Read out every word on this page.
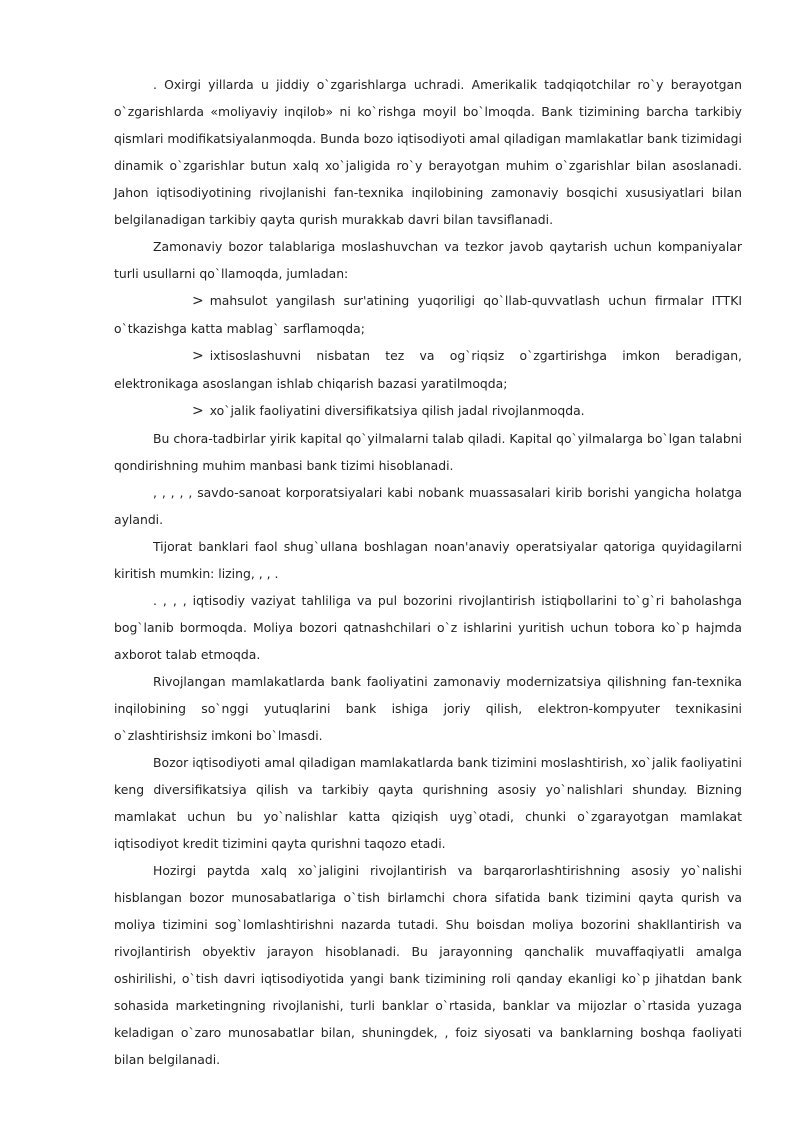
. Oxirgi yillarda u jiddiy o`zgarishlarga uchradi. Amerikalik tadqiqotchilar ro`y berayotgan o`zgarishlarda «moliyaviy inqilob» ni ko`rishga moyil bo`lmoqda. Bank tizimining barcha tarkibiy qismlari modifikatsiyalanmoqda. Bunda bozo iqtisodiyoti amal qiladigan mamlakatlar bank tizimidagi dinamik o`zgarishlar butun xalq xo`jaligida ro`y berayotgan muhim o`zgarishlar bilan asoslanadi. Jahon iqtisodiyotining rivojlanishi fan-texnika inqilobining zamonaviy bosqichi xususiyatlari bilan belgilanadigan tarkibiy qayta qurish murakkab davri bilan tavsiflanadi.

Zamonaviy bozor talablariga moslashuvchan va tezkor javob qaytarish uchun kompaniyalar turli usullarni qo`llamoqda, jumladan:

> mahsulot yangilash sur'atining yuqoriligi qo`llab-quvvatlash uchun firmalar ITTKI o`tkazishga katta mablag` sarflamoqda;

> ixtisoslashuvni nisbatan tez va og`riqsiz o`zgartirishga imkon beradigan, elektronikaga asoslangan ishlab chiqarish bazasi yaratilmoqda;

> xo`jalik faoliyatini diversifikatsiya qilish jadal rivojlanmoqda.

Bu chora-tadbirlar yirik kapital qo`yilmalarni talab qiladi. Kapital qo`yilmalarga bo`lgan talabni qondirishning muhim manbasi bank tizimi hisoblanadi.

, , , , , savdo-sanoat korporatsiyalari kabi nobank muassasalari kirib borishi yangicha holatga aylandi.

Tijorat banklari faol shug`ullana boshlagan noan'anaviy operatsiyalar qatoriga quyidagilarni kiritish mumkin: lizing, , , .

. , , , iqtisodiy vaziyat tahliliga va pul bozorini rivojlantirish istiqbollarini to`g`ri baholashga bog`lanib bormoqda. Moliya bozori qatnashchilari o`z ishlarini yuritish uchun tobora ko`p hajmda axborot talab etmoqda.

Rivojlangan mamlakatlarda bank faoliyatini zamonaviy modernizatsiya qilishning fan-texnika inqilobining so`nggi yutuqlarini bank ishiga joriy qilish, elektron-kompyuter texnikasini o`zlashtirishsiz imkoni bo`lmasdi.

Bozor iqtisodiyoti amal qiladigan mamlakatlarda bank tizimini moslashtirish, xo`jalik faoliyatini keng diversifikatsiya qilish va tarkibiy qayta qurishning asosiy yo`nalishlari shunday. Bizning mamlakat uchun bu yo`nalishlar katta qiziqish uyg`otadi, chunki o`zgarayotgan mamlakat iqtisodiyot kredit tizimini qayta qurishni taqozo etadi.

Hozirgi paytda xalq xo`jaligini rivojlantirish va barqarorlashtirishning asosiy yo`nalishi hisblangan bozor munosabatlariga o`tish birlamchi chora sifatida bank tizimini qayta qurish va moliya tizimini sog`lomlashtirishni nazarda tutadi. Shu boisdan moliya bozorini shakllantirish va rivojlantirish obyektiv jarayon hisoblanadi. Bu jarayonning qanchalik muvaffaqiyatli amalga oshirilishi, o`tish davri iqtisodiyotida yangi bank tizimining roli qanday ekanligi ko`p jihatdan bank sohasida marketingning rivojlanishi, turli banklar o`rtasida, banklar va mijozlar o`rtasida yuzaga keladigan o`zaro munosabatlar bilan, shuningdek, , foiz siyosati va banklarning boshqa faoliyati bilan belgilanadi.
